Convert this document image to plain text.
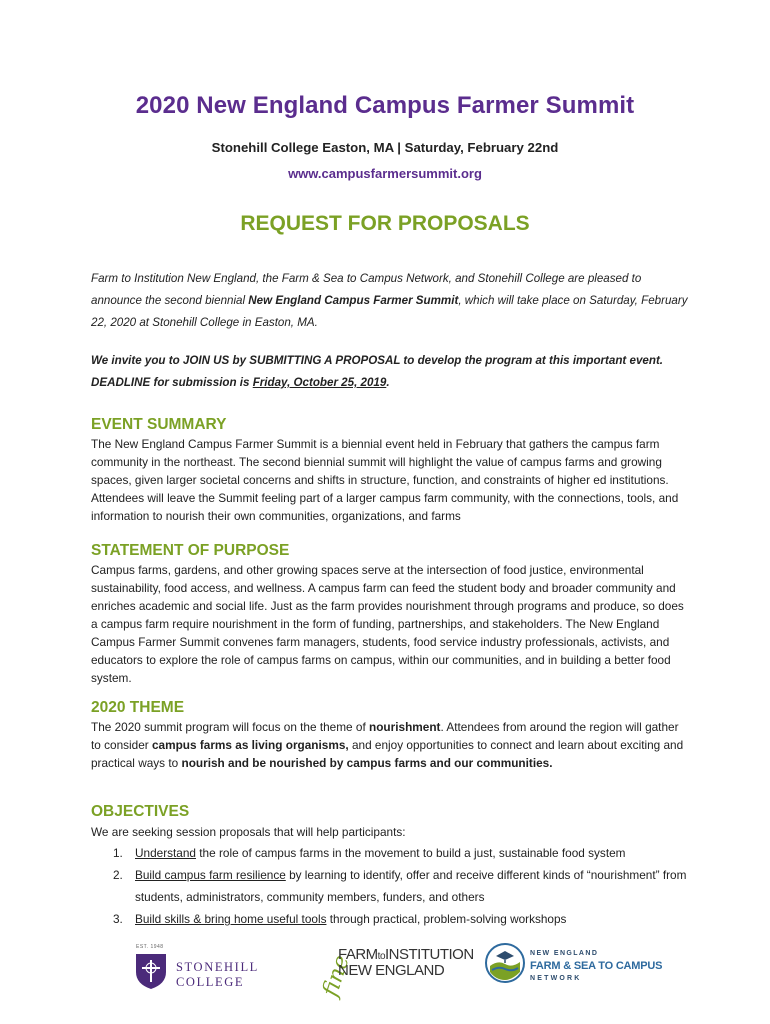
2020 New England Campus Farmer Summit
Stonehill College Easton, MA | Saturday, February 22nd
www.campusfarmersummit.org
REQUEST FOR PROPOSALS
Farm to Institution New England, the Farm & Sea to Campus Network, and Stonehill College are pleased to announce the second biennial New England Campus Farmer Summit, which will take place on Saturday, February 22, 2020 at Stonehill College in Easton, MA.
We invite you to JOIN US by SUBMITTING A PROPOSAL to develop the program at this important event. DEADLINE for submission is Friday, October 25, 2019.
EVENT SUMMARY

The New England Campus Farmer Summit is a biennial event held in February that gathers the campus farm community in the northeast. The second biennial summit will highlight the value of campus farms and growing spaces, given larger societal concerns and shifts in structure, function, and constraints of higher ed institutions. Attendees will leave the Summit feeling part of a larger campus farm community, with the connections, tools, and information to nourish their own communities, organizations, and farms

STATEMENT OF PURPOSE

Campus farms, gardens, and other growing spaces serve at the intersection of food justice, environmental sustainability, food access, and wellness. A campus farm can feed the student body and broader community and enriches academic and social life. Just as the farm provides nourishment through programs and produce, so does a campus farm require nourishment in the form of funding, partnerships, and stakeholders. The New England Campus Farmer Summit convenes farm managers, students, food service industry professionals, activists, and educators to explore the role of campus farms on campus, within our communities, and in building a better food system.

2020 THEME

The 2020 summit program will focus on the theme of nourishment. Attendees from around the region will gather to consider campus farms as living organisms, and enjoy opportunities to connect and learn about exciting and practical ways to nourish and be nourished by campus farms and our communities.

OBJECTIVES

We are seeking session proposals that will help participants:

1. Understand the role of campus farms in the movement to build a just, sustainable food system
2. Build campus farm resilience by learning to identify, offer and receive different kinds of “nourishment” from students, administrators, community members, funders, and others
3. Build skills & bring home useful tools through practical, problem-solving workshops
EST. 1948
STONEHILL COLLEGE	fine
FARMtoINSTITUTION
NEW ENGLAND
NEW ENGLAND
FARM & SEA TO CAMPUS
NETWORK
